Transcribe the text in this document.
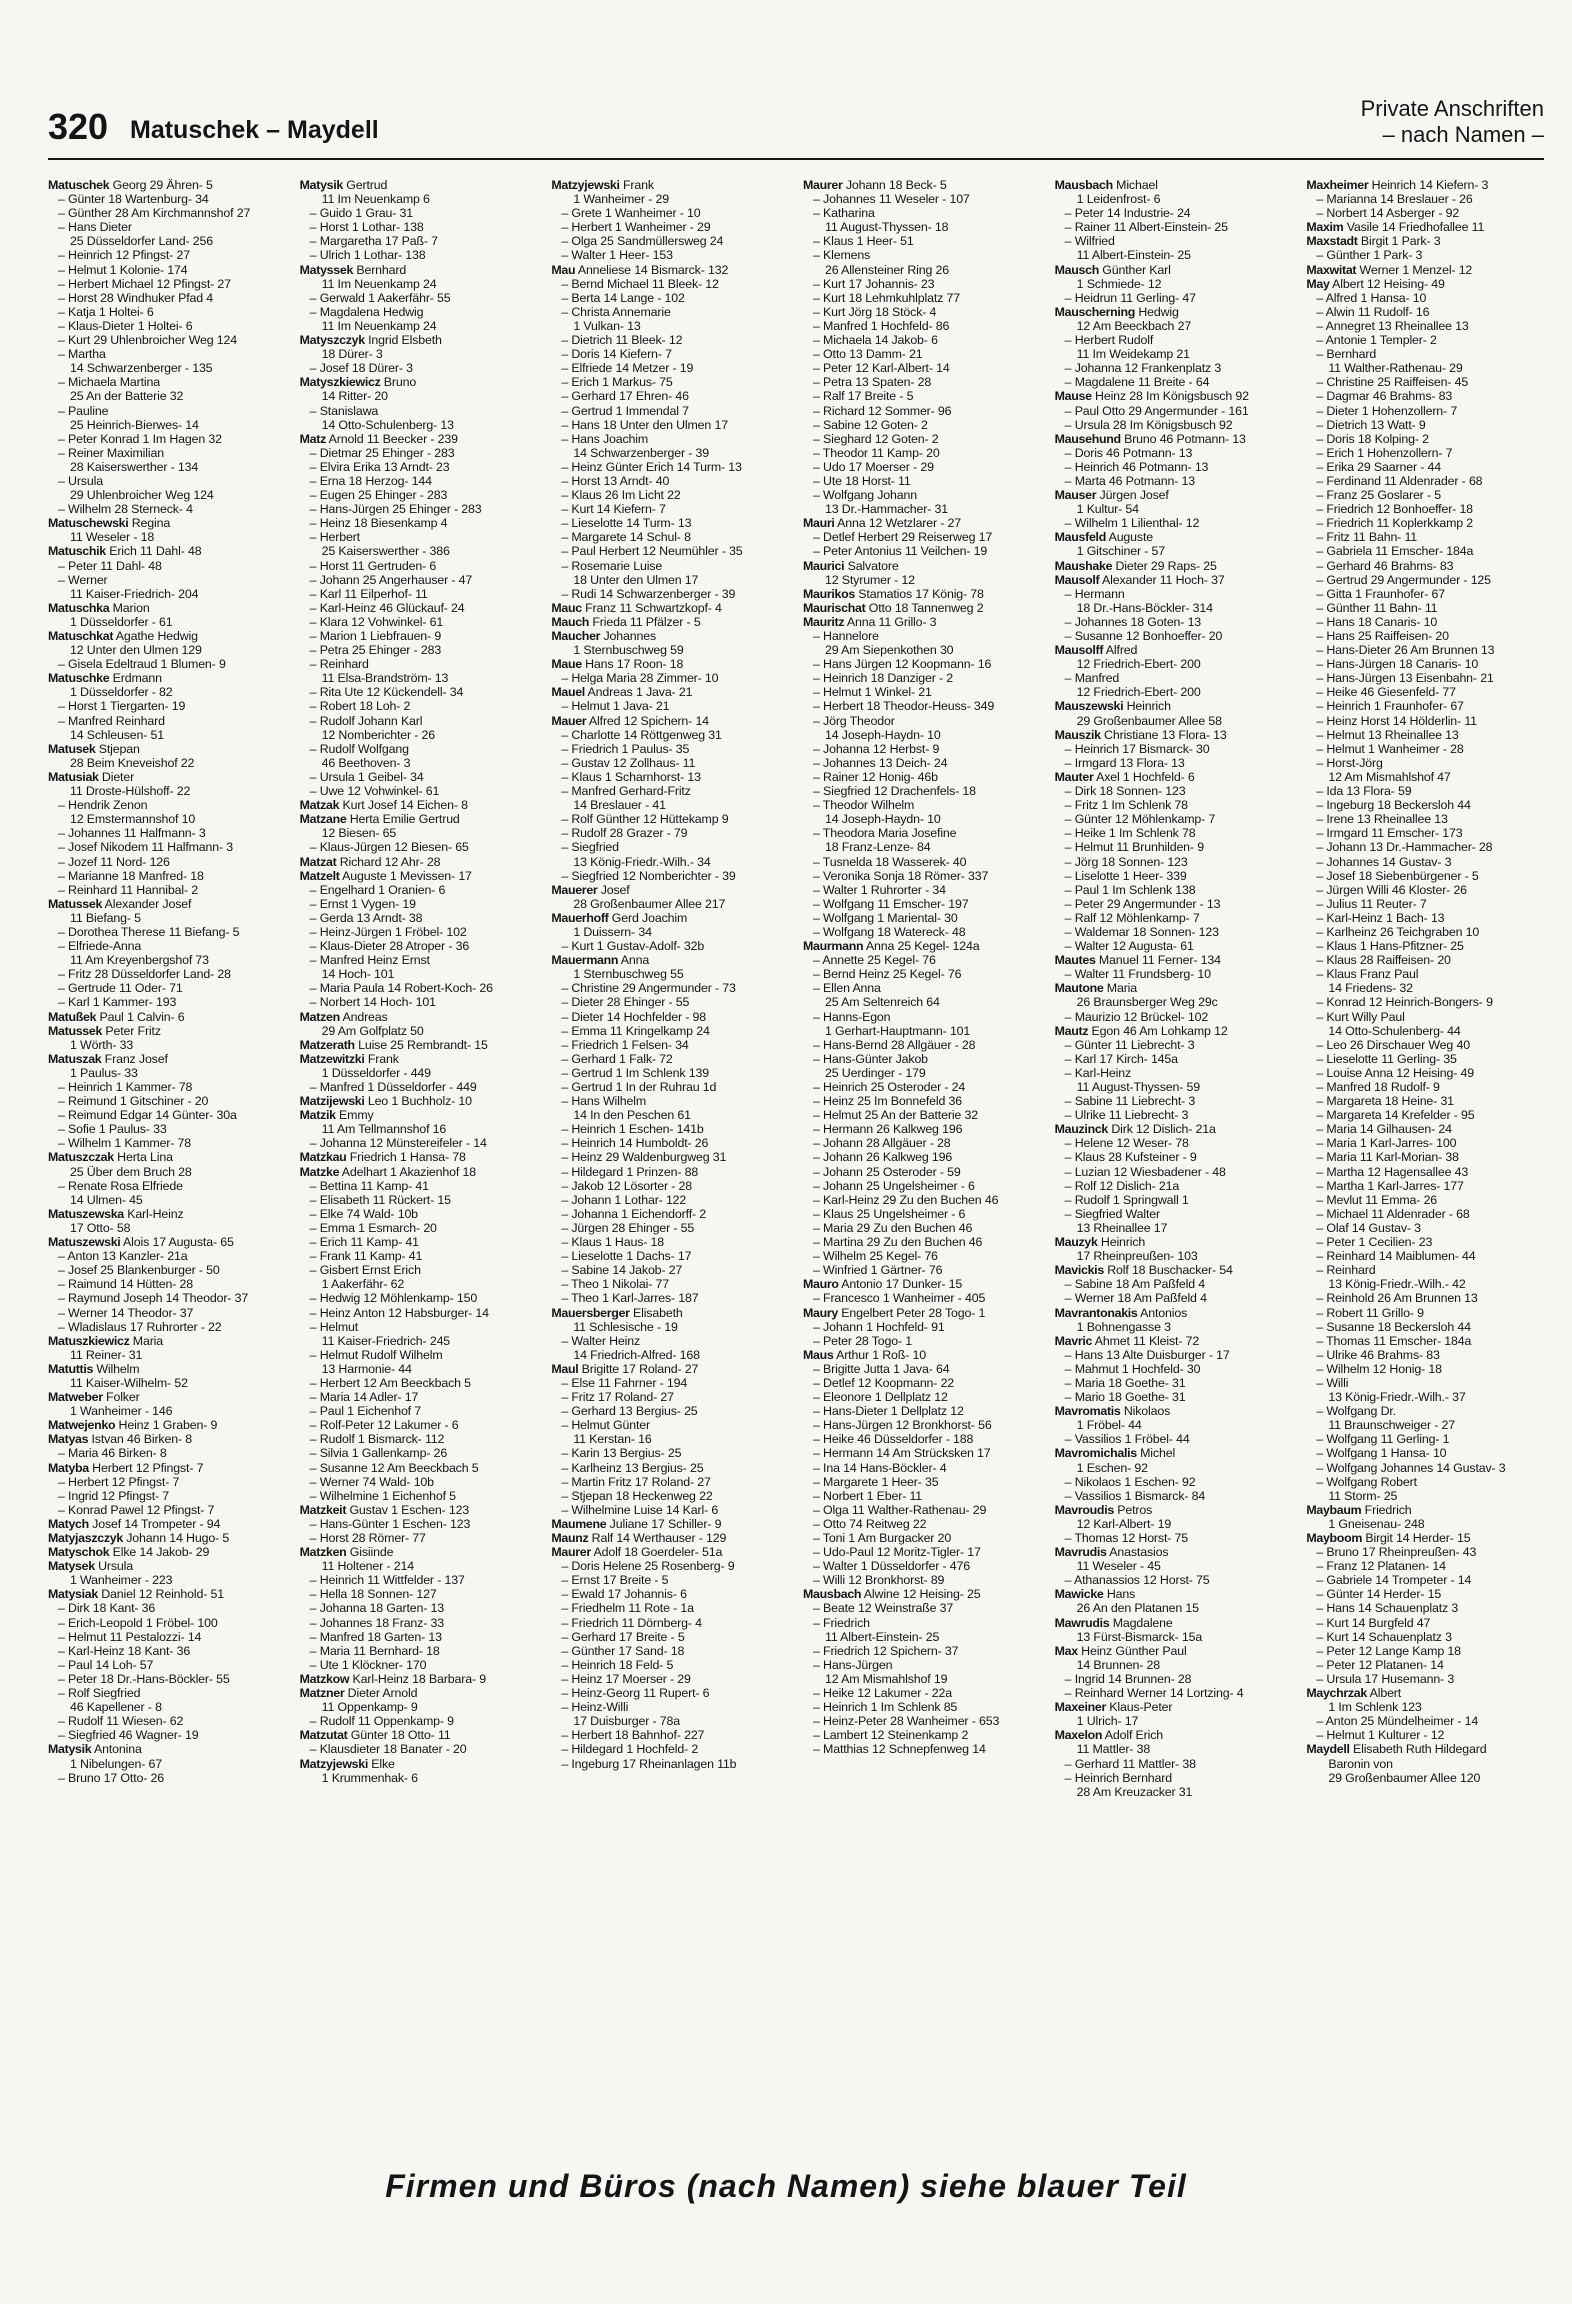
320 Matuschek – Maydell
Private Anschriften
– nach Namen –
Matuschek Georg 29 Ähren- 5
– Günter 18 Wartenburg- 34
– Günther 28 Am Kirchmannshof 27
– Hans Dieter
25 Düsseldorfer Land- 256
– Heinrich 12 Pfingst- 27
– Helmut 1 Kolonie- 174
– Herbert Michael 12 Pfingst- 27
– Horst 28 Windhuker Pfad 4
– Katja 1 Holtei- 6
– Klaus-Dieter 1 Holtei- 6
– Kurt 29 Uhlenbroicher Weg 124
– Martha
14 Schwarzenberger - 135
– Michaela Martina
25 An der Batterie 32
– Pauline
25 Heinrich-Bierwes- 14
– Peter Konrad 1 Im Hagen 32
– Reiner Maximilian
28 Kaiserswerther - 134
– Ursula
29 Uhlenbroicher Weg 124
– Wilhelm 28 Sterneck- 4
Matuschewski Regina
11 Weseler - 18
Matuschik Erich 11 Dahl- 48
– Peter 11 Dahl- 48
– Werner
11 Kaiser-Friedrich- 204
Matuschka Marion
1 Düsseldorfer - 61
Matuschkat Agathe Hedwig
12 Unter den Ulmen 129
– Gisela Edeltraud 1 Blumen- 9
Matuschke Erdmann
1 Düsseldorfer - 82
– Horst 1 Tiergarten- 19
– Manfred Reinhard
14 Schleusen- 51
Matusek Stjepan
28 Beim Kneveishof 22
Matusiak Dieter
11 Droste-Hülshoff- 22
– Hendrik Zenon
12 Emstermannshof 10
– Johannes 11 Halfmann- 3
– Josef Nikodem 11 Halfmann- 3
– Jozef 11 Nord- 126
– Marianne 18 Manfred- 18
– Reinhard 11 Hannibal- 2
Matussek Alexander Josef
11 Biefang- 5
– Dorothea Therese 11 Biefang- 5
– Elfriede-Anna
11 Am Kreyenbergshof 73
– Fritz 28 Düsseldorfer Land- 28
– Gertrude 11 Oder- 71
– Karl 1 Kammer- 193
Matußek Paul 1 Calvin- 6
Matussek Peter Fritz
1 Wörth- 33
Matuszak Franz Josef
1 Paulus- 33
– Heinrich 1 Kammer- 78
– Reimund 1 Gitschiner - 20
– Reimund Edgar 14 Günter- 30a
– Sofie 1 Paulus- 33
– Wilhelm 1 Kammer- 78
Matuszczak Herta Lina
25 Über dem Bruch 28
– Renate Rosa Elfriede
14 Ulmen- 45
Matuszewska Karl-Heinz
17 Otto- 58
Matuszewski Alois 17 Augusta- 65
– Anton 13 Kanzler- 21a
– Josef 25 Blankenburger - 50
– Raimund 14 Hütten- 28
– Raymund Joseph 14 Theodor- 37
– Werner 14 Theodor- 37
– Wladislaus 17 Ruhrorter - 22
Matuszkiewicz Maria
11 Reiner- 31
Matuttis Wilhelm
11 Kaiser-Wilhelm- 52
Matweber Folker
1 Wanheimer - 146
Matwejenko Heinz 1 Graben- 9
Matyas Istvan 46 Birken- 8
– Maria 46 Birken- 8
Matyba Herbert 12 Pfingst- 7
– Herbert 12 Pfingst- 7
– Ingrid 12 Pfingst- 7
– Konrad Pawel 12 Pfingst- 7
Matych Josef 14 Trompeter - 94
Matyjaszczyk Johann 14 Hugo- 5
Matyschok Elke 14 Jakob- 29
Matysek Ursula
1 Wanheimer - 223
Matysiak Daniel 12 Reinhold- 51
– Dirk 18 Kant- 36
– Erich-Leopold 1 Fröbel- 100
– Helmut 11 Pestalozzi- 14
– Karl-Heinz 18 Kant- 36
– Paul 14 Loh- 57
– Peter 18 Dr.-Hans-Böckler- 55
– Rolf Siegfried
46 Kapellener - 8
– Rudolf 11 Wiesen- 62
– Siegfried 46 Wagner- 19
Matysik Antonina
1 Nibelungen- 67
– Bruno 17 Otto- 26
Matysik Gertrud
11 Im Neuenkamp 6
– Guido 1 Grau- 31
– Horst 1 Lothar- 138
– Margaretha 17 Paß- 7
– Ulrich 1 Lothar- 138
Matyssek Bernhard
11 Im Neuenkamp 24
– Gerwald 1 Aakerfähr- 55
– Magdalena Hedwig
11 Im Neuenkamp 24
Matyszczyk Ingrid Elsbeth
18 Dürer- 3
– Josef 18 Dürer- 3
Matyszkiewicz Bruno
14 Ritter- 20
– Stanislawa
14 Otto-Schulenberg- 13
Matz Arnold 11 Beecker - 239
– Dietmar 25 Ehinger - 283
– Elvira Erika 13 Arndt- 23
– Erna 18 Herzog- 144
– Eugen 25 Ehinger - 283
– Hans-Jürgen 25 Ehinger - 283
– Heinz 18 Biesenkamp 4
– Herbert
25 Kaiserswerther - 386
– Horst 11 Gertruden- 6
– Johann 25 Angerhauser - 47
– Karl 11 Eilperhof- 11
– Karl-Heinz 46 Glückauf- 24
– Klara 12 Vohwinkel- 61
– Marion 1 Liebfrauen- 9
– Petra 25 Ehinger - 283
– Reinhard
11 Elsa-Brandström- 13
– Rita Ute 12 Kückendell- 34
– Robert 18 Loh- 2
– Rudolf Johann Karl
12 Nomberichter - 26
– Rudolf Wolfgang
46 Beethoven- 3
– Ursula 1 Geibel- 34
– Uwe 12 Vohwinkel- 61
Matzak Kurt Josef 14 Eichen- 8
Matzane Herta Emilie Gertrud
12 Biesen- 65
– Klaus-Jürgen 12 Biesen- 65
Matzat Richard 12 Ahr- 28
Matzelt Auguste 1 Mevissen- 17
– Engelhard 1 Oranien- 6
– Ernst 1 Vygen- 19
– Gerda 13 Arndt- 38
– Heinz-Jürgen 1 Fröbel- 102
– Klaus-Dieter 28 Atroper - 36
– Manfred Heinz Ernst
14 Hoch- 101
– Maria Paula 14 Robert-Koch- 26
– Norbert 14 Hoch- 101
Matzen Andreas
29 Am Golfplatz 50
Matzerath Luise 25 Rembrandt- 15
Matzewitzki Frank
1 Düsseldorfer - 449
– Manfred 1 Düsseldorfer - 449
Matzijewski Leo 1 Buchholz- 10
Matzik Emmy
11 Am Tellmannshof 16
– Johanna 12 Münstereifeler - 14
Matzkau Friedrich 1 Hansa- 78
Matzke Adelhart 1 Akazienhof 18
– Bettina 11 Kamp- 41
– Elisabeth 11 Rückert- 15
– Elke 74 Wald- 10b
– Emma 1 Esmarch- 20
– Erich 11 Kamp- 41
– Frank 11 Kamp- 41
– Gisbert Ernst Erich
1 Aakerfähr- 62
– Hedwig 12 Möhlenkamp- 150
– Heinz Anton 12 Habsburger- 14
– Helmut
11 Kaiser-Friedrich- 245
– Helmut Rudolf Wilhelm
13 Harmonie- 44
– Herbert 12 Am Beeckbach 5
– Maria 14 Adler- 17
– Paul 1 Eichenhof 7
– Rolf-Peter 12 Lakumer - 6
– Rudolf 1 Bismarck- 112
– Silvia 1 Gallenkamp- 26
– Susanne 12 Am Beeckbach 5
– Werner 74 Wald- 10b
– Wilhelmine 1 Eichenhof 5
Matzkeit Gustav 1 Eschen- 123
– Hans-Günter 1 Eschen- 123
– Horst 28 Römer- 77
Matzken Gisiinde
11 Holtener - 214
– Heinrich 11 Wittfelder - 137
– Hella 18 Sonnen- 127
– Johanna 18 Garten- 13
– Johannes 18 Franz- 33
– Manfred 18 Garten- 13
– Maria 11 Bernhard- 18
– Ute 1 Klöckner- 170
Matzkow Karl-Heinz 18 Barbara- 9
Matzner Dieter Arnold
11 Oppenkamp- 9
– Rudolf 11 Oppenkamp- 9
Matzutat Günter 18 Otto- 11
– Klausdieter 18 Banater - 20
Matzyjewski Elke
1 Krummenhak- 6
Matzyjewski Frank
1 Wanheimer - 29
– Grete 1 Wanheimer - 10
– Herbert 1 Wanheimer - 29
– Olga 25 Sandmüllersweg 24
– Walter 1 Heer- 153
Mau Anneliese 14 Bismarck- 132
– Bernd Michael 11 Bleek- 12
– Berta 14 Lange - 102
– Christa Annemarie
1 Vulkan- 13
– Dietrich 11 Bleek- 12
– Doris 14 Kiefern- 7
– Elfriede 14 Metzer - 19
– Erich 1 Markus- 75
– Gerhard 17 Ehren- 46
– Gertrud 1 Immendal 7
– Hans 18 Unter den Ulmen 17
– Hans Joachim
14 Schwarzenberger - 39
– Heinz Günter Erich 14 Turm- 13
– Horst 13 Arndt- 40
– Klaus 26 Im Licht 22
– Kurt 14 Kiefern- 7
– Lieselotte 14 Turm- 13
– Margarete 14 Schul- 8
– Paul Herbert 12 Neumühler - 35
– Rosemarie Luise
18 Unter den Ulmen 17
– Rudi 14 Schwarzenberger - 39
Mauc Franz 11 Schwartzkopf- 4
Mauch Frieda 11 Pfälzer - 5
Maucher Johannes
1 Sternbuschweg 59
Maue Hans 17 Roon- 18
– Helga Maria 28 Zimmer- 10
Mauel Andreas 1 Java- 21
– Helmut 1 Java- 21
Mauer Alfred 12 Spichern- 14
– Charlotte 14 Röttgenweg 31
– Friedrich 1 Paulus- 35
– Gustav 12 Zollhaus- 11
– Klaus 1 Scharnhorst- 13
– Manfred Gerhard-Fritz
14 Breslauer - 41
– Rolf Günther 12 Hüttekamp 9
– Rudolf 28 Grazer - 79
– Siegfried
13 König-Friedr.-Wilh.- 34
– Siegfried 12 Nomberichter - 39
Mauerer Josef
28 Großenbaumer Allee 217
Mauerhoff Gerd Joachim
1 Duissern- 34
– Kurt 1 Gustav-Adolf- 32b
Mauermann Anna
1 Sternbuschweg 55
– Christine 29 Angermunder - 73
– Dieter 28 Ehinger - 55
– Dieter 14 Hochfelder - 98
– Emma 11 Kringelkamp 24
– Friedrich 1 Felsen- 34
– Gerhard 1 Falk- 72
– Gertrud 1 Im Schlenk 139
– Gertrud 1 In der Ruhrau 1d
– Hans Wilhelm
14 In den Peschen 61
– Heinrich 1 Eschen- 141b
– Heinrich 14 Humboldt- 26
– Heinz 29 Waldenburgweg 31
– Hildegard 1 Prinzen- 88
– Jakob 12 Lösorter - 28
– Johann 1 Lothar- 122
– Johanna 1 Eichendorff- 2
– Jürgen 28 Ehinger - 55
– Klaus 1 Haus- 18
– Lieselotte 1 Dachs- 17
– Sabine 14 Jakob- 27
– Theo 1 Nikolai- 77
– Theo 1 Karl-Jarres- 187
Mauersberger Elisabeth
11 Schlesische - 19
– Walter Heinz
14 Friedrich-Alfred- 168
Maul Brigitte 17 Roland- 27
– Else 11 Fahrner - 194
– Fritz 17 Roland- 27
– Gerhard 13 Bergius- 25
– Helmut Günter
11 Kerstan- 16
– Karin 13 Bergius- 25
– Karlheinz 13 Bergius- 25
– Martin Fritz 17 Roland- 27
– Stjepan 18 Heckenweg 22
– Wilhelmine Luise 14 Karl- 6
Maumene Juliane 17 Schiller- 9
Maunz Ralf 14 Werthauser - 129
Maurer Adolf 18 Goerdeler- 51a
– Doris Helene 25 Rosenberg- 9
– Ernst 17 Breite - 5
– Ewald 17 Johannis- 6
– Friedhelm 11 Rote - 1a
– Friedrich 11 Dörnberg- 4
– Gerhard 17 Breite - 5
– Günther 17 Sand- 18
– Heinrich 18 Feld- 5
– Heinz 17 Moerser - 29
– Heinz-Georg 11 Rupert- 6
– Heinz-Willi
17 Duisburger - 78a
– Herbert 18 Bahnhof- 227
– Hildegard 1 Hochfeld- 2
– Ingeburg 17 Rheinanlagen 11b
Maurer Johann 18 Beck- 5
– Johannes 11 Weseler - 107
– Katharina
11 August-Thyssen- 18
– Klaus 1 Heer- 51
– Klemens
26 Allensteiner Ring 26
– Kurt 17 Johannis- 23
– Kurt 18 Lehmkuhlplatz 77
– Kurt Jörg 18 Stöck- 4
– Manfred 1 Hochfeld- 86
– Michaela 14 Jakob- 6
– Otto 13 Damm- 21
– Peter 12 Karl-Albert- 14
– Petra 13 Spaten- 28
– Ralf 17 Breite - 5
– Richard 12 Sommer- 96
– Sabine 12 Goten- 2
– Sieghard 12 Goten- 2
– Theodor 11 Kamp- 20
– Udo 17 Moerser - 29
– Ute 18 Horst- 11
– Wolfgang Johann
13 Dr.-Hammacher- 31
Mauri Anna 12 Wetzlarer - 27
– Detlef Herbert 29 Reiserweg 17
– Peter Antonius 11 Veilchen- 19
Maurici Salvatore
12 Styrumer - 12
Maurikos Stamatios 17 König- 78
Maurischat Otto 18 Tannenweg 2
Mauritz Anna 11 Grillo- 3
– Hannelore
29 Am Siepenkothen 30
– Hans Jürgen 12 Koopmann- 16
– Heinrich 18 Danziger - 2
– Helmut 1 Winkel- 21
– Herbert 18 Theodor-Heuss- 349
– Jörg Theodor
14 Joseph-Haydn- 10
– Johanna 12 Herbst- 9
– Johannes 13 Deich- 24
– Rainer 12 Honig- 46b
– Siegfried 12 Drachenfels- 18
– Theodor Wilhelm
14 Joseph-Haydn- 10
– Theodora Maria Josefine
18 Franz-Lenze- 84
– Tusnelda 18 Wasserek- 40
– Veronika Sonja 18 Römer- 337
– Walter 1 Ruhrorter - 34
– Wolfgang 11 Emscher- 197
– Wolfgang 1 Mariental- 30
– Wolfgang 18 Watereck- 48
Maurmann Anna 25 Kegel- 124a
– Annette 25 Kegel- 76
– Bernd Heinz 25 Kegel- 76
– Ellen Anna
25 Am Seltenreich 64
– Hanns-Egon
1 Gerhart-Hauptmann- 101
– Hans-Bernd 28 Allgäuer - 28
– Hans-Günter Jakob
25 Uerdinger - 179
– Heinrich 25 Osteroder - 24
– Heinz 25 Im Bonnefeld 36
– Helmut 25 An der Batterie 32
– Hermann 26 Kalkweg 196
– Johann 28 Allgäuer - 28
– Johann 26 Kalkweg 196
– Johann 25 Osteroder - 59
– Johann 25 Ungelsheimer - 6
– Karl-Heinz 29 Zu den Buchen 46
– Klaus 25 Ungelsheimer - 6
– Maria 29 Zu den Buchen 46
– Martina 29 Zu den Buchen 46
– Wilhelm 25 Kegel- 76
– Winfried 1 Gärtner- 76
Mauro Antonio 17 Dunker- 15
– Francesco 1 Wanheimer - 405
Maury Engelbert Peter 28 Togo- 1
– Johann 1 Hochfeld- 91
– Peter 28 Togo- 1
Maus Arthur 1 Roß- 10
– Brigitte Jutta 1 Java- 64
– Detlef 12 Koopmann- 22
– Eleonore 1 Dellplatz 12
– Hans-Dieter 1 Dellplatz 12
– Hans-Jürgen 12 Bronkhorst- 56
– Heike 46 Düsseldorfer - 188
– Hermann 14 Am Strücksken 17
– Ina 14 Hans-Böckler- 4
– Margarete 1 Heer- 35
– Norbert 1 Eber- 11
– Olga 11 Walther-Rathenau- 29
– Otto 74 Reitweg 22
– Toni 1 Am Burgacker 20
– Udo-Paul 12 Moritz-Tigler- 17
– Walter 1 Düsseldorfer - 476
– Willi 12 Bronkhorst- 89
Mausbach Alwine 12 Heising- 25
– Beate 12 Weinstraße 37
– Friedrich
11 Albert-Einstein- 25
– Friedrich 12 Spichern- 37
– Hans-Jürgen
12 Am Mismahlshof 19
– Heike 12 Lakumer - 22a
– Heinrich 1 Im Schlenk 85
– Heinz-Peter 28 Wanheimer - 653
– Lambert 12 Steinenkamp 2
– Matthias 12 Schnepfenweg 14
Mausbach Michael
1 Leidenfrost- 6
– Peter 14 Industrie- 24
– Rainer 11 Albert-Einstein- 25
– Wilfried
11 Albert-Einstein- 25
Mausch Günther Karl
1 Schmiede- 12
– Heidrun 11 Gerling- 47
Mauscherning Hedwig
12 Am Beeckbach 27
– Herbert Rudolf
11 Im Weidekamp 21
– Johanna 12 Frankenplatz 3
– Magdalene 11 Breite - 64
Mause Heinz 28 Im Königsbusch 92
– Paul Otto 29 Angermunder - 161
– Ursula 28 Im Königsbusch 92
Mausehund Bruno 46 Potmann- 13
– Doris 46 Potmann- 13
– Heinrich 46 Potmann- 13
– Marta 46 Potmann- 13
Mauser Jürgen Josef
1 Kultur- 54
– Wilhelm 1 Lilienthal- 12
Mausfeld Auguste
1 Gitschiner - 57
Maushake Dieter 29 Raps- 25
Mausolf Alexander 11 Hoch- 37
– Hermann
18 Dr.-Hans-Böckler- 314
– Johannes 18 Goten- 13
– Susanne 12 Bonhoeffer- 20
Mausolff Alfred
12 Friedrich-Ebert- 200
– Manfred
12 Friedrich-Ebert- 200
Mauszewski Heinrich
29 Großenbaumer Allee 58
Mauszik Christiane 13 Flora- 13
– Heinrich 17 Bismarck- 30
– Irmgard 13 Flora- 13
Mauter Axel 1 Hochfeld- 6
– Dirk 18 Sonnen- 123
– Fritz 1 Im Schlenk 78
– Günter 12 Möhlenkamp- 7
– Heike 1 Im Schlenk 78
– Helmut 11 Brunhilden- 9
– Jörg 18 Sonnen- 123
– Liselotte 1 Heer- 339
– Paul 1 Im Schlenk 138
– Peter 29 Angermunder - 13
– Ralf 12 Möhlenkamp- 7
– Waldemar 18 Sonnen- 123
– Walter 12 Augusta- 61
Mautes Manuel 11 Ferner- 134
– Walter 11 Frundsberg- 10
Mautone Maria
26 Braunsberger Weg 29c
– Maurizio 12 Brückel- 102
Mautz Egon 46 Am Lohkamp 12
– Günter 11 Liebrecht- 3
– Karl 17 Kirch- 145a
– Karl-Heinz
11 August-Thyssen- 59
– Sabine 11 Liebrecht- 3
– Ulrike 11 Liebrecht- 3
Mauzinck Dirk 12 Dislich- 21a
– Helene 12 Weser- 78
– Klaus 28 Kufsteiner - 9
– Luzian 12 Wiesbadener - 48
– Rolf 12 Dislich- 21a
– Rudolf 1 Springwall 1
– Siegfried Walter
13 Rheinallee 17
Mauzyk Heinrich
17 Rheinpreußen- 103
Mavickis Rolf 18 Buschacker- 54
– Sabine 18 Am Paßfeld 4
– Werner 18 Am Paßfeld 4
Mavrantonakis Antonios
1 Bohnengasse 3
Mavric Ahmet 11 Kleist- 72
– Hans 13 Alte Duisburger - 17
– Mahmut 1 Hochfeld- 30
– Maria 18 Goethe- 31
– Mario 18 Goethe- 31
Mavromatis Nikolaos
1 Fröbel- 44
– Vassilios 1 Fröbel- 44
Mavromichalis Michel
1 Eschen- 92
– Nikolaos 1 Eschen- 92
– Vassilios 1 Bismarck- 84
Mavroudis Petros
12 Karl-Albert- 19
– Thomas 12 Horst- 75
Mavrudis Anastasios
11 Weseler - 45
– Athanassios 12 Horst- 75
Mawicke Hans
26 An den Platanen 15
Mawrudis Magdalene
13 Fürst-Bismarck- 15a
Max Heinz Günther Paul
14 Brunnen- 28
– Ingrid 14 Brunnen- 28
– Reinhard Werner 14 Lortzing- 4
Maxeiner Klaus-Peter
1 Ulrich- 17
Maxelon Adolf Erich
11 Mattler- 38
– Gerhard 11 Mattler- 38
– Heinrich Bernhard
28 Am Kreuzacker 31
Maxheimer Heinrich 14 Kiefern- 3
– Marianna 14 Breslauer - 26
– Norbert 14 Asberger - 92
Maxim Vasile 14 Friedhofallee 11
Maxstadt Birgit 1 Park- 3
– Günther 1 Park- 3
Maxwitat Werner 1 Menzel- 12
May Albert 12 Heising- 49
– Alfred 1 Hansa- 10
– Alwin 11 Rudolf- 16
– Annegret 13 Rheinallee 13
– Antonie 1 Templer- 2
– Bernhard
11 Walther-Rathenau- 29
– Christine 25 Raiffeisen- 45
– Dagmar 46 Brahms- 83
– Dieter 1 Hohenzollern- 7
– Dietrich 13 Watt- 9
– Doris 18 Kolping- 2
– Erich 1 Hohenzollern- 7
– Erika 29 Saarner - 44
– Ferdinand 11 Aldenrader - 68
– Franz 25 Goslarer - 5
– Friedrich 12 Bonhoeffer- 18
– Friedrich 11 Koplerkkamp 2
– Fritz 11 Bahn- 11
– Gabriela 11 Emscher- 184a
– Gerhard 46 Brahms- 83
– Gertrud 29 Angermunder - 125
– Gitta 1 Fraunhofer- 67
– Günther 11 Bahn- 11
– Hans 18 Canaris- 10
– Hans 25 Raiffeisen- 20
– Hans-Dieter 26 Am Brunnen 13
– Hans-Jürgen 18 Canaris- 10
– Hans-Jürgen 13 Eisenbahn- 21
– Heike 46 Giesenfeld- 77
– Heinrich 1 Fraunhofer- 67
– Heinz Horst 14 Hölderlin- 11
– Helmut 13 Rheinallee 13
– Helmut 1 Wanheimer - 28
– Horst-Jörg
12 Am Mismahlshof 47
– Ida 13 Flora- 59
– Ingeburg 18 Beckersloh 44
– Irene 13 Rheinallee 13
– Irmgard 11 Emscher- 173
– Johann 13 Dr.-Hammacher- 28
– Johannes 14 Gustav- 3
– Josef 18 Siebenbürgener - 5
– Jürgen Willi 46 Kloster- 26
– Julius 11 Reuter- 7
– Karl-Heinz 1 Bach- 13
– Karlheinz 26 Teichgraben 10
– Klaus 1 Hans-Pfitzner- 25
– Klaus 28 Raiffeisen- 20
– Klaus Franz Paul
14 Friedens- 32
– Konrad 12 Heinrich-Bongers- 9
– Kurt Willy Paul
14 Otto-Schulenberg- 44
– Leo 26 Dirschauer Weg 40
– Lieselotte 11 Gerling- 35
– Louise Anna 12 Heising- 49
– Manfred 18 Rudolf- 9
– Margareta 18 Heine- 31
– Margareta 14 Krefelder - 95
– Maria 14 Gilhausen- 24
– Maria 1 Karl-Jarres- 100
– Maria 11 Karl-Morian- 38
– Martha 12 Hagensallee 43
– Martha 1 Karl-Jarres- 177
– Mevlut 11 Emma- 26
– Michael 11 Aldenrader - 68
– Olaf 14 Gustav- 3
– Peter 1 Cecilien- 23
– Reinhard 14 Maiblumen- 44
– Reinhard
13 König-Friedr.-Wilh.- 42
– Reinhold 26 Am Brunnen 13
– Robert 11 Grillo- 9
– Susanne 18 Beckersloh 44
– Thomas 11 Emscher- 184a
– Ulrike 46 Brahms- 83
– Wilhelm 12 Honig- 18
– Willi
13 König-Friedr.-Wilh.- 37
– Wolfgang Dr.
11 Braunschweiger - 27
– Wolfgang 11 Gerling- 1
– Wolfgang 1 Hansa- 10
– Wolfgang Johannes 14 Gustav- 3
– Wolfgang Robert
11 Storm- 25
Maybaum Friedrich
1 Gneisenau- 248
Mayboom Birgit 14 Herder- 15
– Bruno 17 Rheinpreußen- 43
– Franz 12 Platanen- 14
– Gabriele 14 Trompeter - 14
– Günter 14 Herder- 15
– Hans 14 Schauenplatz 3
– Kurt 14 Burgfeld 47
– Kurt 14 Schauenplatz 3
– Peter 12 Lange Kamp 18
– Peter 12 Platanen- 14
– Ursula 17 Husemann- 3
Maychrzak Albert
1 Im Schlenk 123
– Anton 25 Mündelheimer - 14
– Helmut 1 Kulturer - 12
Maydell Elisabeth Ruth Hildegard
Baronin von
29 Großenbaumer Allee 120
Firmen und Büros (nach Namen) siehe blauer Teil
